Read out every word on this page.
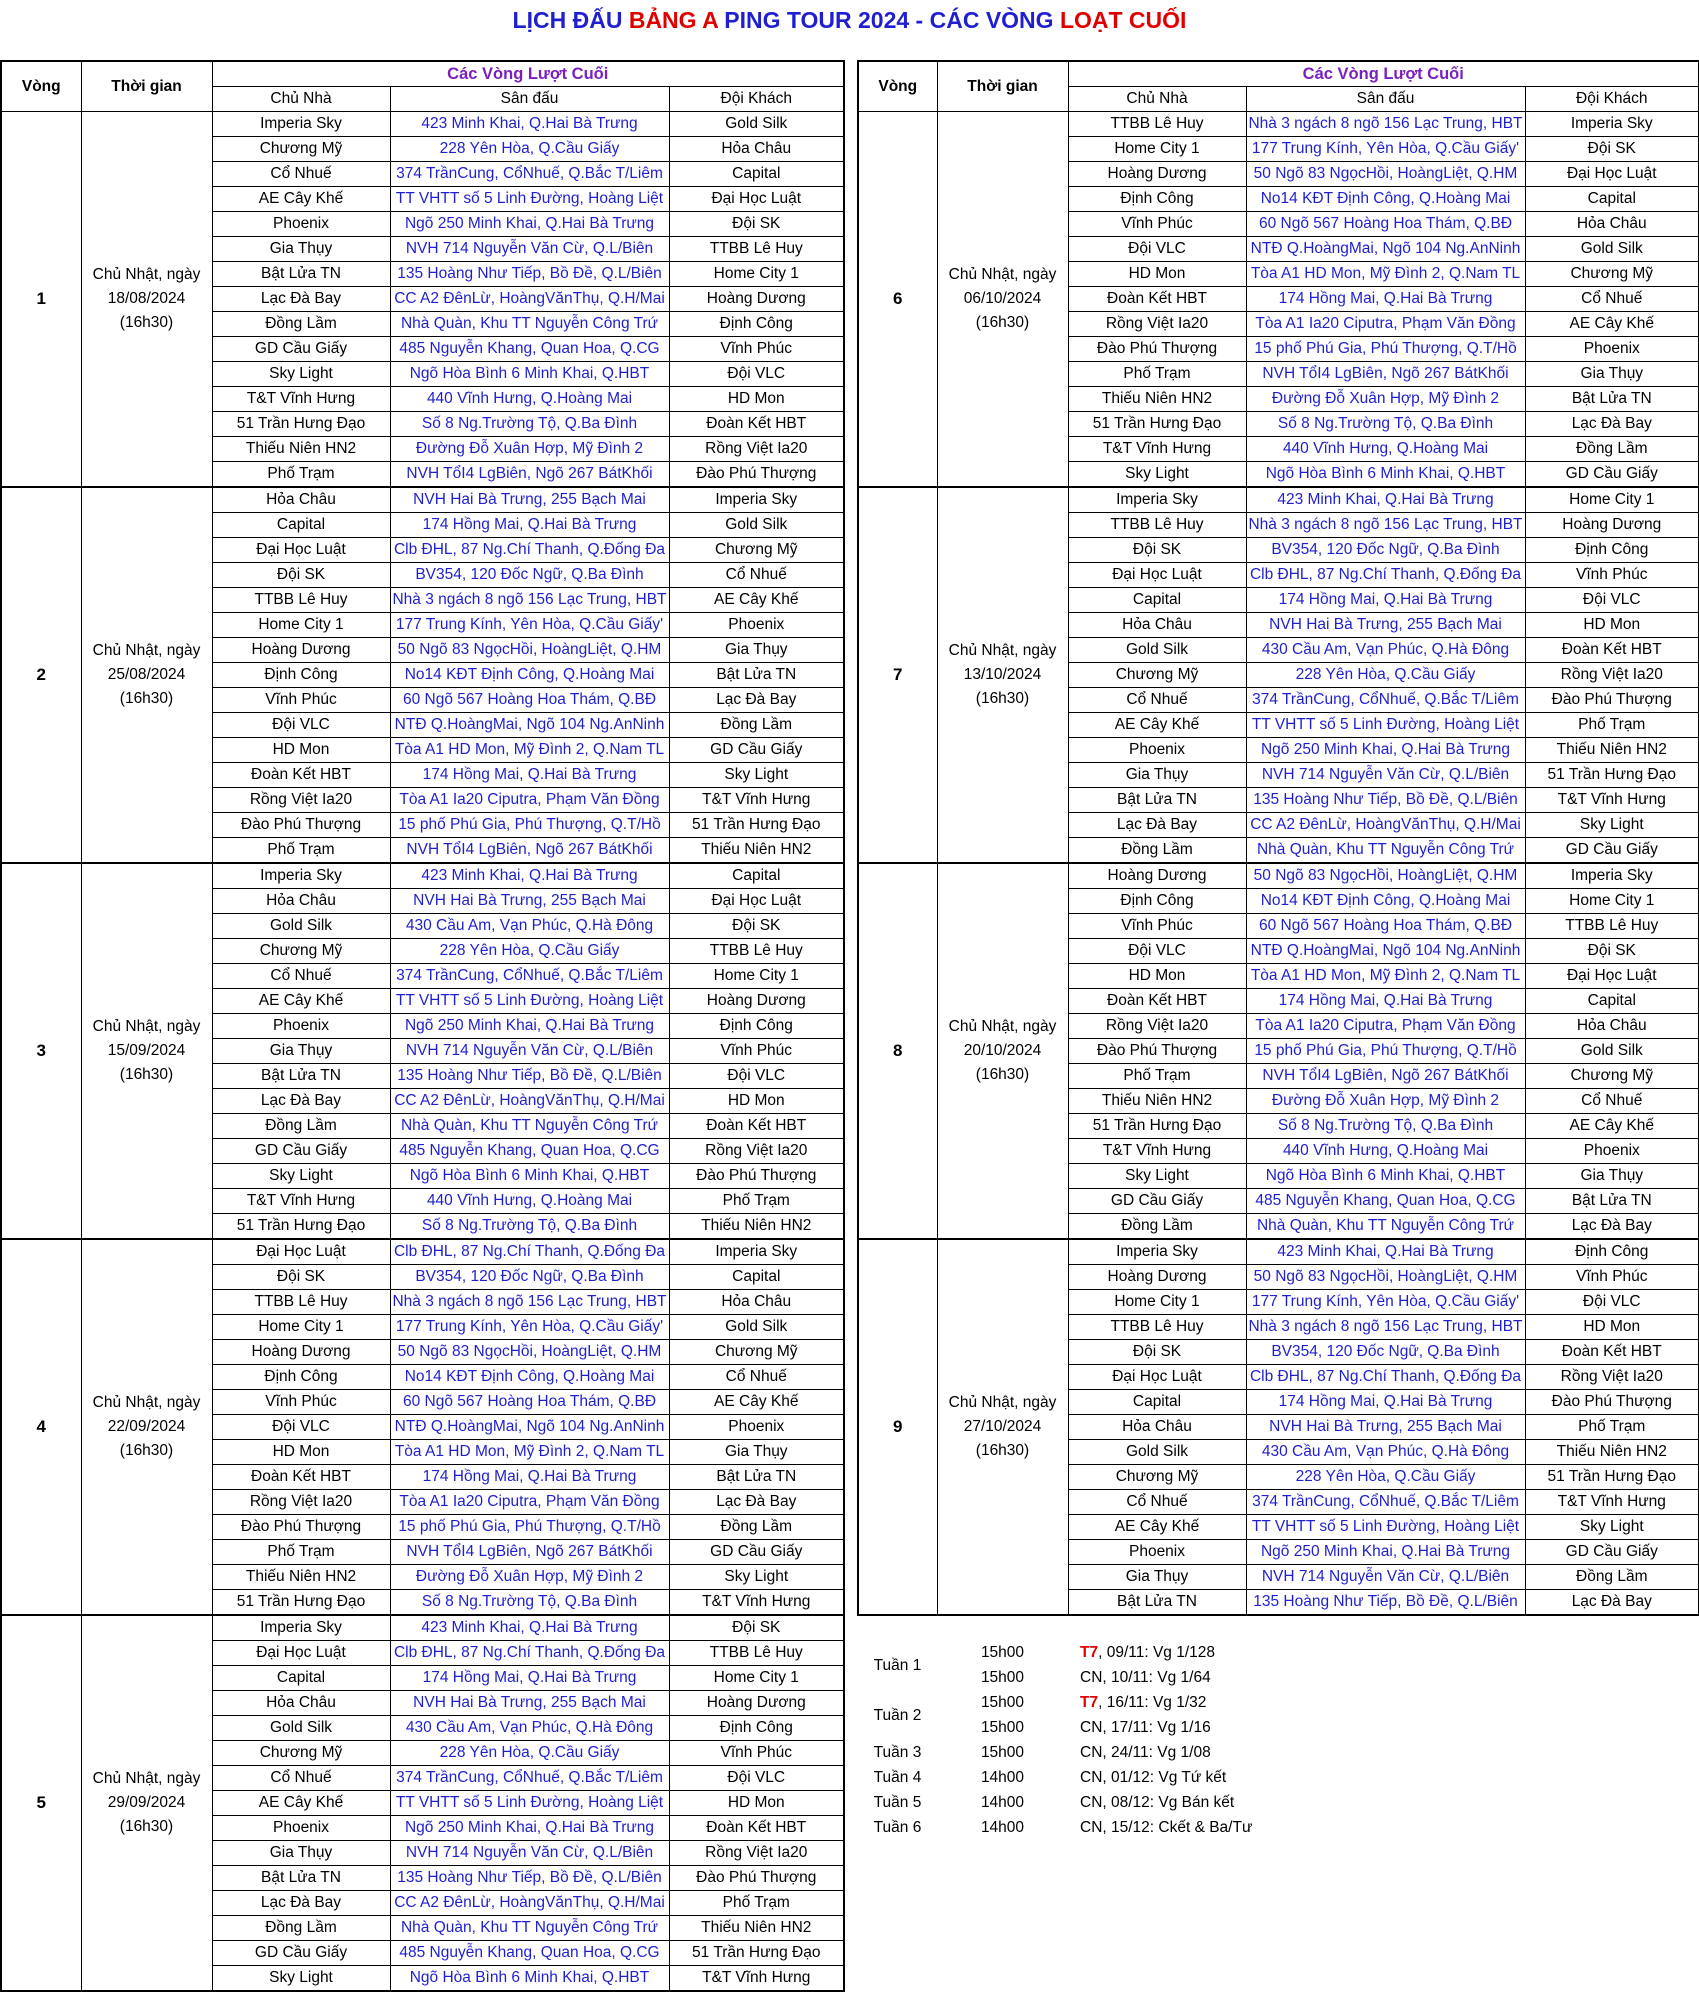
LỊCH ĐẤU BẢNG A PING TOUR 2024 - CÁC VÒNG LOẠT CUỐI
Vòng	Thời gian	Các Vòng Lượt Cuối		
		Chủ Nhà	Sân đấu	Đội Khách
1	Chủ Nhật, ngày 18/08/2024 (16h30)	Imperia Sky	423 Minh Khai, Q.Hai Bà Trưng	Gold Silk
		Chương Mỹ	228 Yên Hòa, Q.Cầu Giấy	Hỏa Châu
		Cổ Nhuế	374 TrầnCung, CổNhuế, Q.Bắc T/Liêm	Capital
		AE Cây Khế	TT VHTT số 5 Linh Đường, Hoàng Liệt	Đại Học Luật
		Phoenix	Ngõ 250 Minh Khai, Q.Hai Bà Trưng	Đội SK
		Gia Thụy	NVH 714 Nguyễn Văn Cừ, Q.L/Biên	TTBB Lê Huy
		Bật Lửa TN	135 Hoàng Như Tiếp, Bồ Đề, Q.L/Biên	Home City 1
		Lạc Đà Bay	CC A2 ĐênLừ, HoàngVănThụ, Q.H/Mai	Hoàng Dương
		Đồng Lầm	Nhà Quàn, Khu TT Nguyễn Công Trứ	Định Công
		GD Cầu Giấy	485 Nguyễn Khang, Quan Hoa, Q.CG	Vĩnh Phúc
		Sky Light	Ngõ Hòa Bình 6 Minh Khai, Q.HBT	Đội VLC
		T&T Vĩnh Hưng	440 Vĩnh Hưng, Q.Hoàng Mai	HD Mon
		51 Trần Hưng Đạo	Số 8 Ng.Trường Tộ, Q.Ba Đình	Đoàn Kết HBT
		Thiếu Niên HN2	Đường Đỗ Xuân Hợp, Mỹ Đình 2	Rồng Việt Ia20
		Phố Trạm	NVH TổI4 LgBiên, Ngõ 267 BátKhối	Đào Phú Thượng
2	Chủ Nhật, ngày 25/08/2024 (16h30)	Hỏa Châu	NVH Hai Bà Trưng, 255 Bạch Mai	Imperia Sky
		Capital	174 Hồng Mai, Q.Hai Bà Trưng	Gold Silk
		Đại Học Luật	Clb ĐHL, 87 Ng.Chí Thanh, Q.Đống Đa	Chương Mỹ
		Đội SK	BV354, 120 Đốc Ngữ, Q.Ba Đình	Cổ Nhuế
		TTBB Lê Huy	Nhà 3 ngách 8 ngõ 156 Lạc Trung, HBT	AE Cây Khế
		Home City 1	177 Trung Kính, Yên Hòa, Q.Cầu Giấy'	Phoenix
		Hoàng Dương	50 Ngõ 83 NgọcHồi, HoàngLiệt, Q.HM	Gia Thụy
		Định Công	No14 KĐT Định Công, Q.Hoàng Mai	Bật Lửa TN
		Vĩnh Phúc	60 Ngõ 567 Hoàng Hoa Thám, Q.BĐ	Lạc Đà Bay
		Đội VLC	NTĐ Q.HoàngMai, Ngõ 104 Ng.AnNinh	Đồng Lầm
		HD Mon	Tòa A1 HD Mon, Mỹ Đình 2, Q.Nam TL	GD Cầu Giấy
		Đoàn Kết HBT	174 Hồng Mai, Q.Hai Bà Trưng	Sky Light
		Rồng Việt Ia20	Tòa A1 Ia20 Ciputra, Phạm Văn Đồng	T&T Vĩnh Hưng
		Đào Phú Thượng	15 phố Phú Gia, Phú Thượng, Q.T/Hồ	51 Trần Hưng Đạo
		Phố Trạm	NVH TổI4 LgBiên, Ngõ 267 BátKhối	Thiếu Niên HN2
3	Chủ Nhật, ngày 15/09/2024 (16h30)	Imperia Sky	423 Minh Khai, Q.Hai Bà Trưng	Capital
		Hỏa Châu	NVH Hai Bà Trưng, 255 Bạch Mai	Đại Học Luật
		Gold Silk	430 Cầu Am, Vạn Phúc, Q.Hà Đông	Đội SK
		Chương Mỹ	228 Yên Hòa, Q.Cầu Giấy	TTBB Lê Huy
		Cổ Nhuế	374 TrầnCung, CổNhuế, Q.Bắc T/Liêm	Home City 1
		AE Cây Khế	TT VHTT số 5 Linh Đường, Hoàng Liệt	Hoàng Dương
		Phoenix	Ngõ 250 Minh Khai, Q.Hai Bà Trưng	Định Công
		Gia Thụy	NVH 714 Nguyễn Văn Cừ, Q.L/Biên	Vĩnh Phúc
		Bật Lửa TN	135 Hoàng Như Tiếp, Bồ Đề, Q.L/Biên	Đội VLC
		Lạc Đà Bay	CC A2 ĐênLừ, HoàngVănThụ, Q.H/Mai	HD Mon
		Đồng Lầm	Nhà Quàn, Khu TT Nguyễn Công Trứ	Đoàn Kết HBT
		GD Cầu Giấy	485 Nguyễn Khang, Quan Hoa, Q.CG	Rồng Việt Ia20
		Sky Light	Ngõ Hòa Bình 6 Minh Khai, Q.HBT	Đào Phú Thượng
		T&T Vĩnh Hưng	440 Vĩnh Hưng, Q.Hoàng Mai	Phố Trạm
		51 Trần Hưng Đạo	Số 8 Ng.Trường Tộ, Q.Ba Đình	Thiếu Niên HN2
4	Chủ Nhật, ngày 22/09/2024 (16h30)	Đại Học Luật	Clb ĐHL, 87 Ng.Chí Thanh, Q.Đống Đa	Imperia Sky
		Đội SK	BV354, 120 Đốc Ngữ, Q.Ba Đình	Capital
		TTBB Lê Huy	Nhà 3 ngách 8 ngõ 156 Lạc Trung, HBT	Hỏa Châu
		Home City 1	177 Trung Kính, Yên Hòa, Q.Cầu Giấy'	Gold Silk
		Hoàng Dương	50 Ngõ 83 NgọcHồi, HoàngLiệt, Q.HM	Chương Mỹ
		Định Công	No14 KĐT Định Công, Q.Hoàng Mai	Cổ Nhuế
		Vĩnh Phúc	60 Ngõ 567 Hoàng Hoa Thám, Q.BĐ	AE Cây Khế
		Đội VLC	NTĐ Q.HoàngMai, Ngõ 104 Ng.AnNinh	Phoenix
		HD Mon	Tòa A1 HD Mon, Mỹ Đình 2, Q.Nam TL	Gia Thụy
		Đoàn Kết HBT	174 Hồng Mai, Q.Hai Bà Trưng	Bật Lửa TN
		Rồng Việt Ia20	Tòa A1 Ia20 Ciputra, Phạm Văn Đồng	Lạc Đà Bay
		Đào Phú Thượng	15 phố Phú Gia, Phú Thượng, Q.T/Hồ	Đồng Lầm
		Phố Trạm	NVH TổI4 LgBiên, Ngõ 267 BátKhối	GD Cầu Giấy
		Thiếu Niên HN2	Đường Đỗ Xuân Hợp, Mỹ Đình 2	Sky Light
		51 Trần Hưng Đạo	Số 8 Ng.Trường Tộ, Q.Ba Đình	T&T Vĩnh Hưng
5	Chủ Nhật, ngày 29/09/2024 (16h30)	Imperia Sky	423 Minh Khai, Q.Hai Bà Trưng	Đội SK
		Đại Học Luật	Clb ĐHL, 87 Ng.Chí Thanh, Q.Đống Đa	TTBB Lê Huy
		Capital	174 Hồng Mai, Q.Hai Bà Trưng	Home City 1
		Hỏa Châu	NVH Hai Bà Trưng, 255 Bạch Mai	Hoàng Dương
		Gold Silk	430 Cầu Am, Vạn Phúc, Q.Hà Đông	Định Công
		Chương Mỹ	228 Yên Hòa, Q.Cầu Giấy	Vĩnh Phúc
		Cổ Nhuế	374 TrầnCung, CổNhuế, Q.Bắc T/Liêm	Đội VLC
		AE Cây Khế	TT VHTT số 5 Linh Đường, Hoàng Liệt	HD Mon
		Phoenix	Ngõ 250 Minh Khai, Q.Hai Bà Trưng	Đoàn Kết HBT
		Gia Thụy	NVH 714 Nguyễn Văn Cừ, Q.L/Biên	Rồng Việt Ia20
		Bật Lửa TN	135 Hoàng Như Tiếp, Bồ Đề, Q.L/Biên	Đào Phú Thượng
		Lạc Đà Bay	CC A2 ĐênLừ, HoàngVănThụ, Q.H/Mai	Phố Trạm
		Đồng Lầm	Nhà Quàn, Khu TT Nguyễn Công Trứ	Thiếu Niên HN2
		GD Cầu Giấy	485 Nguyễn Khang, Quan Hoa, Q.CG	51 Trần Hưng Đạo
		Sky Light	Ngõ Hòa Bình 6 Minh Khai, Q.HBT	T&T Vĩnh Hưng
Vòng	Thời gian	Các Vòng Lượt Cuối		
		Chủ Nhà	Sân đấu	Đội Khách
6	Chủ Nhật, ngày 06/10/2024 (16h30)	TTBB Lê Huy	Nhà 3 ngách 8 ngõ 156 Lạc Trung, HBT	Imperia Sky
		Home City 1	177 Trung Kính, Yên Hòa, Q.Cầu Giấy'	Đội SK
		Hoàng Dương	50 Ngõ 83 NgọcHồi, HoàngLiệt, Q.HM	Đại Học Luật
		Định Công	No14 KĐT Định Công, Q.Hoàng Mai	Capital
		Vĩnh Phúc	60 Ngõ 567 Hoàng Hoa Thám, Q.BĐ	Hỏa Châu
		Đội VLC	NTĐ Q.HoàngMai, Ngõ 104 Ng.AnNinh	Gold Silk
		HD Mon	Tòa A1 HD Mon, Mỹ Đình 2, Q.Nam TL	Chương Mỹ
		Đoàn Kết HBT	174 Hồng Mai, Q.Hai Bà Trưng	Cổ Nhuế
		Rồng Việt Ia20	Tòa A1 Ia20 Ciputra, Phạm Văn Đồng	AE Cây Khế
		Đào Phú Thượng	15 phố Phú Gia, Phú Thượng, Q.T/Hồ	Phoenix
		Phố Trạm	NVH TổI4 LgBiên, Ngõ 267 BátKhối	Gia Thụy
		Thiếu Niên HN2	Đường Đỗ Xuân Hợp, Mỹ Đình 2	Bật Lửa TN
		51 Trần Hưng Đạo	Số 8 Ng.Trường Tộ, Q.Ba Đình	Lạc Đà Bay
		T&T Vĩnh Hưng	440 Vĩnh Hưng, Q.Hoàng Mai	Đồng Lầm
		Sky Light	Ngõ Hòa Bình 6 Minh Khai, Q.HBT	GD Cầu Giấy
7	Chủ Nhật, ngày 13/10/2024 (16h30)	Imperia Sky	423 Minh Khai, Q.Hai Bà Trưng	Home City 1
		TTBB Lê Huy	Nhà 3 ngách 8 ngõ 156 Lạc Trung, HBT	Hoàng Dương
		Đội SK	BV354, 120 Đốc Ngữ, Q.Ba Đình	Định Công
		Đại Học Luật	Clb ĐHL, 87 Ng.Chí Thanh, Q.Đống Đa	Vĩnh Phúc
		Capital	174 Hồng Mai, Q.Hai Bà Trưng	Đội VLC
		Hỏa Châu	NVH Hai Bà Trưng, 255 Bạch Mai	HD Mon
		Gold Silk	430 Cầu Am, Vạn Phúc, Q.Hà Đông	Đoàn Kết HBT
		Chương Mỹ	228 Yên Hòa, Q.Cầu Giấy	Rồng Việt Ia20
		Cổ Nhuế	374 TrầnCung, CổNhuế, Q.Bắc T/Liêm	Đào Phú Thượng
		AE Cây Khế	TT VHTT số 5 Linh Đường, Hoàng Liệt	Phố Trạm
		Phoenix	Ngõ 250 Minh Khai, Q.Hai Bà Trưng	Thiếu Niên HN2
		Gia Thụy	NVH 714 Nguyễn Văn Cừ, Q.L/Biên	51 Trần Hưng Đạo
		Bật Lửa TN	135 Hoàng Như Tiếp, Bồ Đề, Q.L/Biên	T&T Vĩnh Hưng
		Lạc Đà Bay	CC A2 ĐênLừ, HoàngVănThụ, Q.H/Mai	Sky Light
		Đồng Lầm	Nhà Quàn, Khu TT Nguyễn Công Trứ	GD Cầu Giấy
8	Chủ Nhật, ngày 20/10/2024 (16h30)	Hoàng Dương	50 Ngõ 83 NgọcHồi, HoàngLiệt, Q.HM	Imperia Sky
		Định Công	No14 KĐT Định Công, Q.Hoàng Mai	Home City 1
		Vĩnh Phúc	60 Ngõ 567 Hoàng Hoa Thám, Q.BĐ	TTBB Lê Huy
		Đội VLC	NTĐ Q.HoàngMai, Ngõ 104 Ng.AnNinh	Đội SK
		HD Mon	Tòa A1 HD Mon, Mỹ Đình 2, Q.Nam TL	Đại Học Luật
		Đoàn Kết HBT	174 Hồng Mai, Q.Hai Bà Trưng	Capital
		Rồng Việt Ia20	Tòa A1 Ia20 Ciputra, Phạm Văn Đồng	Hỏa Châu
		Đào Phú Thượng	15 phố Phú Gia, Phú Thượng, Q.T/Hồ	Gold Silk
		Phố Trạm	NVH TổI4 LgBiên, Ngõ 267 BátKhối	Chương Mỹ
		Thiếu Niên HN2	Đường Đỗ Xuân Hợp, Mỹ Đình 2	Cổ Nhuế
		51 Trần Hưng Đạo	Số 8 Ng.Trường Tộ, Q.Ba Đình	AE Cây Khế
		T&T Vĩnh Hưng	440 Vĩnh Hưng, Q.Hoàng Mai	Phoenix
		Sky Light	Ngõ Hòa Bình 6 Minh Khai, Q.HBT	Gia Thụy
		GD Cầu Giấy	485 Nguyễn Khang, Quan Hoa, Q.CG	Bật Lửa TN
		Đồng Lầm	Nhà Quàn, Khu TT Nguyễn Công Trứ	Lạc Đà Bay
9	Chủ Nhật, ngày 27/10/2024 (16h30)	Imperia Sky	423 Minh Khai, Q.Hai Bà Trưng	Định Công
		Hoàng Dương	50 Ngõ 83 NgọcHồi, HoàngLiệt, Q.HM	Vĩnh Phúc
		Home City 1	177 Trung Kính, Yên Hòa, Q.Cầu Giấy'	Đội VLC
		TTBB Lê Huy	Nhà 3 ngách 8 ngõ 156 Lạc Trung, HBT	HD Mon
		Đội SK	BV354, 120 Đốc Ngữ, Q.Ba Đình	Đoàn Kết HBT
		Đại Học Luật	Clb ĐHL, 87 Ng.Chí Thanh, Q.Đống Đa	Rồng Việt Ia20
		Capital	174 Hồng Mai, Q.Hai Bà Trưng	Đào Phú Thượng
		Hỏa Châu	NVH Hai Bà Trưng, 255 Bạch Mai	Phố Trạm
		Gold Silk	430 Cầu Am, Vạn Phúc, Q.Hà Đông	Thiếu Niên HN2
		Chương Mỹ	228 Yên Hòa, Q.Cầu Giấy	51 Trần Hưng Đạo
		Cổ Nhuế	374 TrầnCung, CổNhuế, Q.Bắc T/Liêm	T&T Vĩnh Hưng
		AE Cây Khế	TT VHTT số 5 Linh Đường, Hoàng Liệt	Sky Light
		Phoenix	Ngõ 250 Minh Khai, Q.Hai Bà Trưng	GD Cầu Giấy
		Gia Thụy	NVH 714 Nguyễn Văn Cừ, Q.L/Biên	Đồng Lầm
		Bật Lửa TN	135 Hoàng Như Tiếp, Bồ Đề, Q.L/Biên	Lạc Đà Bay
Tuần 1	15h00	T7, 09/11: Vg 1/128
	15h00	CN, 10/11: Vg 1/64
Tuần 2	15h00	T7, 16/11: Vg 1/32
	15h00	CN, 17/11: Vg 1/16
Tuần 3	15h00	CN, 24/11: Vg 1/08
Tuần 4	14h00	CN, 01/12: Vg Tứ kết
Tuần 5	14h00	CN, 08/12: Vg Bán kết
Tuần 6	14h00	CN, 15/12: Ckết & Ba/Tư
